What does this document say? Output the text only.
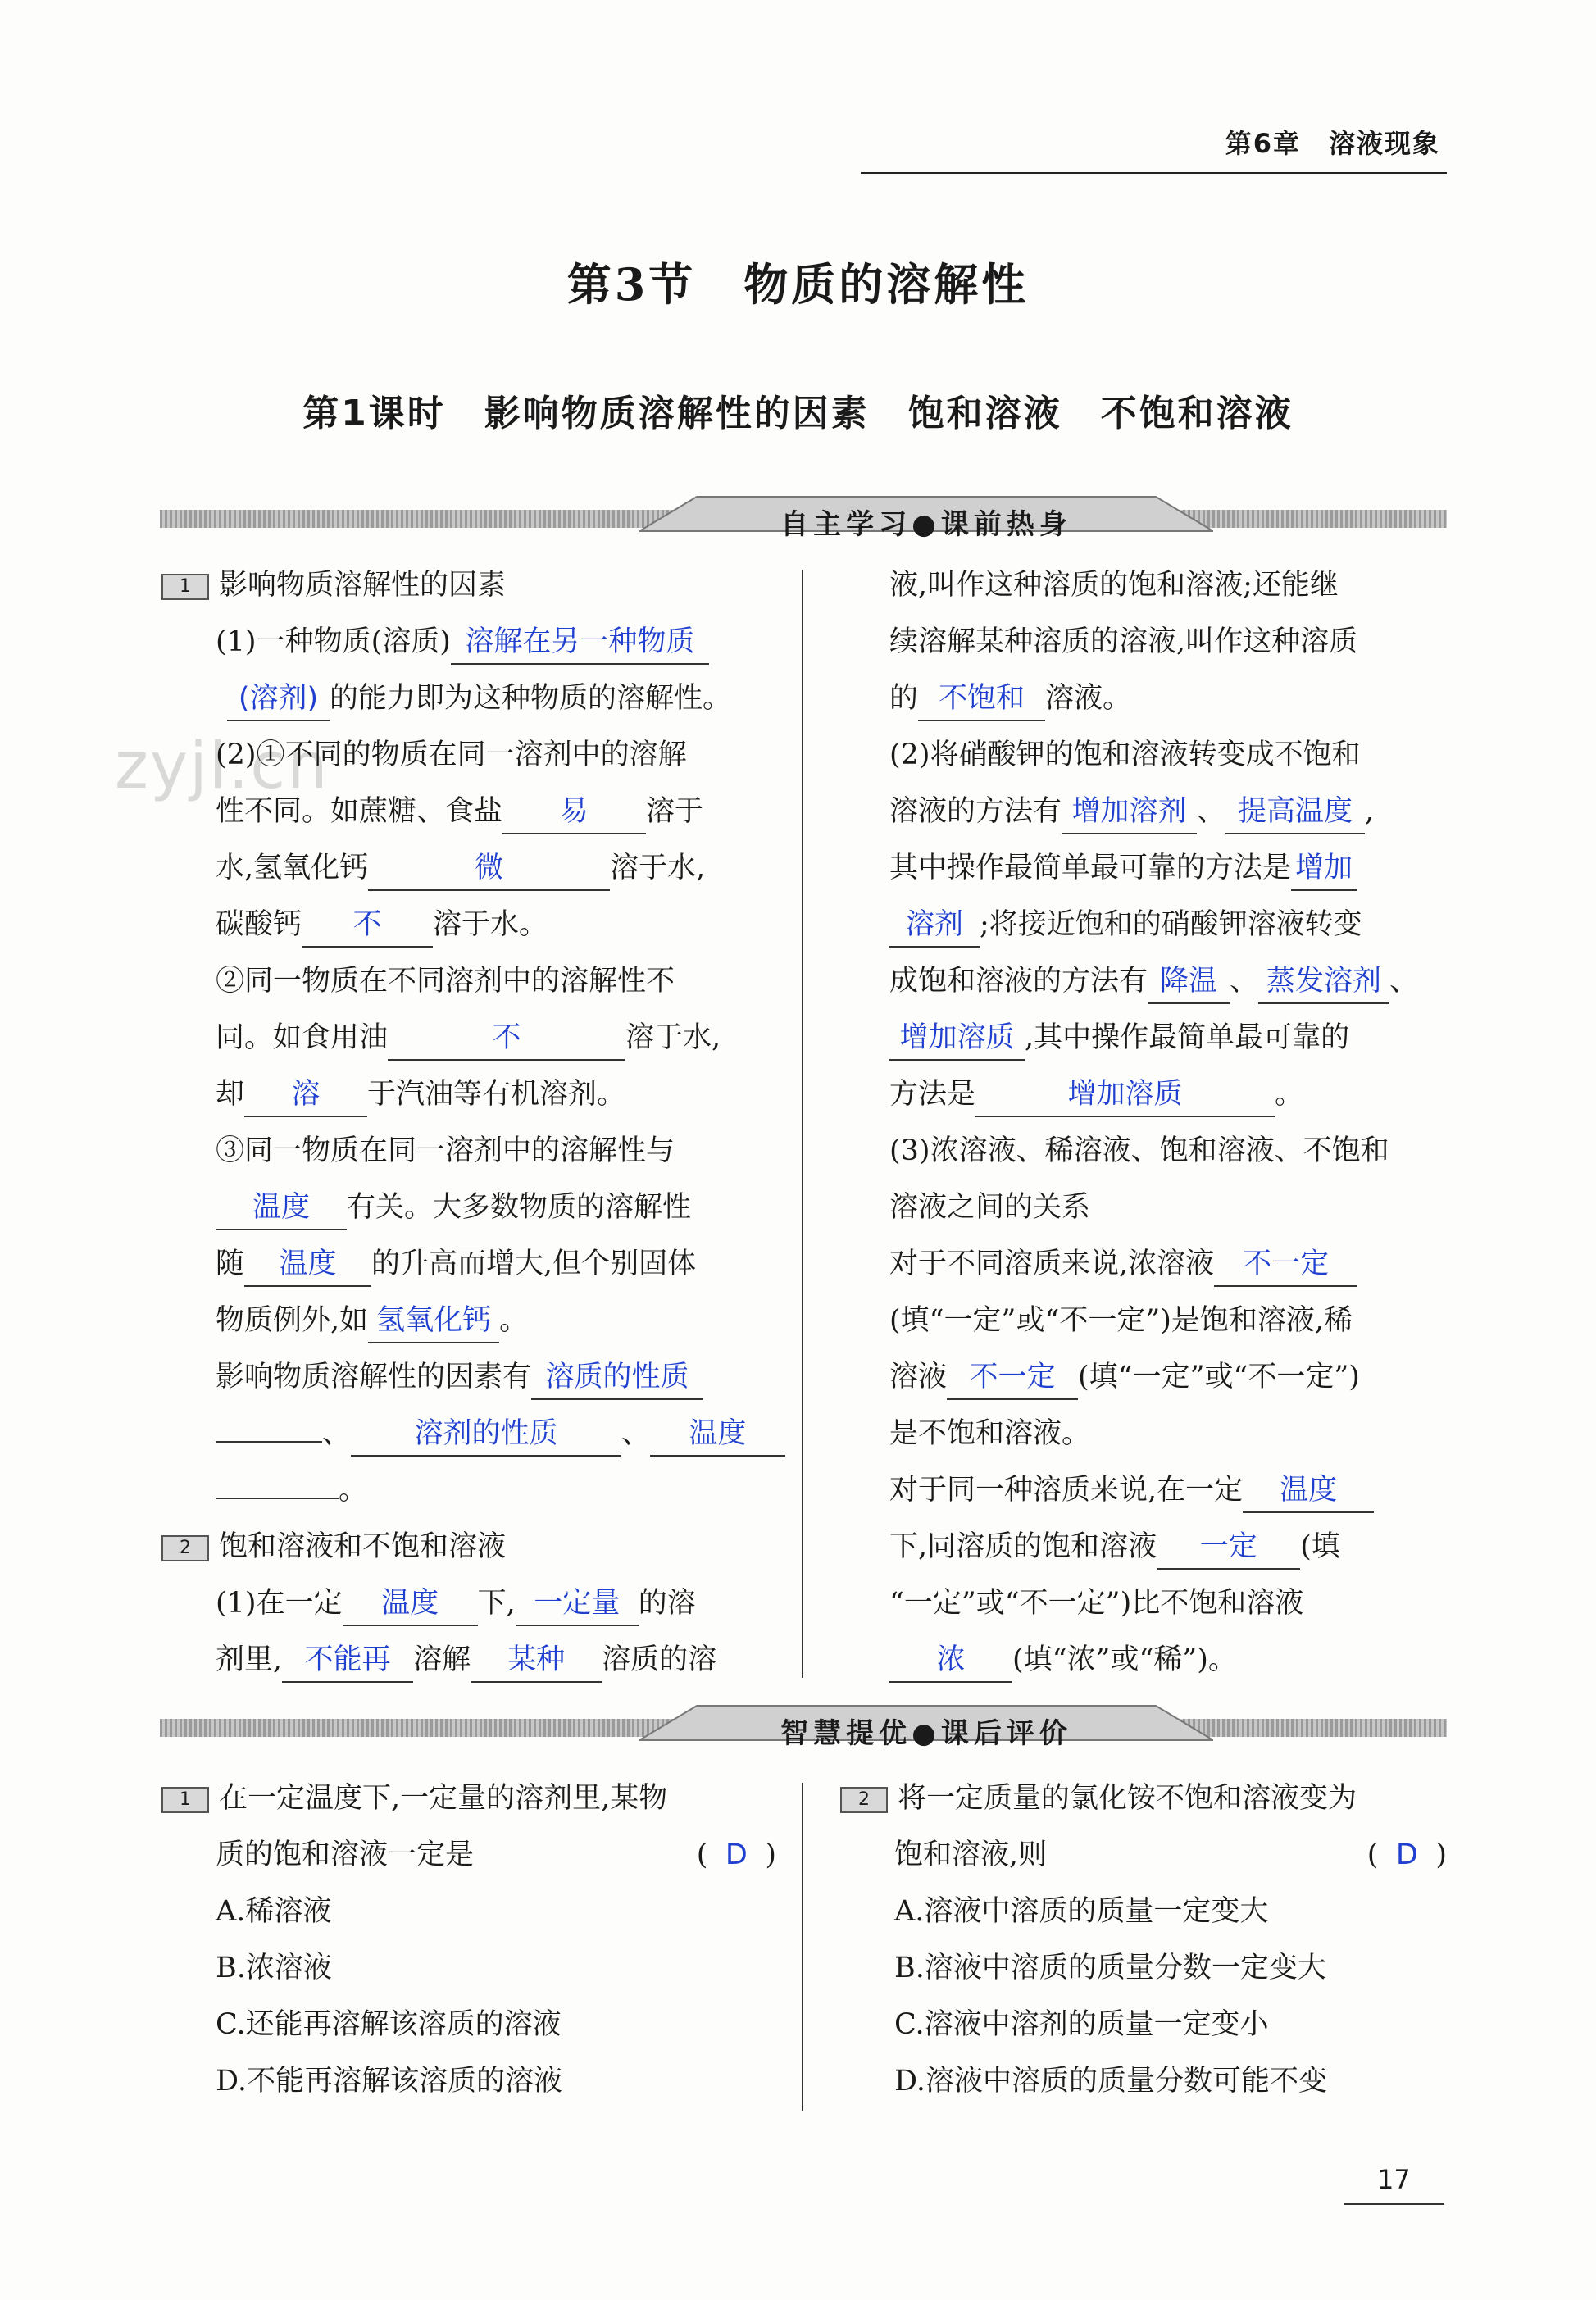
第6章　溶液现象
第3节　物质的溶解性
第1课时　影响物质溶解性的因素　饱和溶液　不饱和溶液
zyjl.cn
自主学习●课前热身

1 影响物质溶解性的因素

(1)一种物质(溶质) 溶解在另一种物质

(溶剂) 的能力即为这种物质的溶解性。

(2)①不同的物质在同一溶剂中的溶解

性不同。如蔗糖、食盐 易 溶于

水,氢氧化钙	微	溶于水,

碳酸钙 不 溶于水。

②同一物质在不同溶剂中的溶解性不

同。如食用油	不	溶于水,

却 溶 于汽油等有机溶剂。

③同一物质在同一溶剂中的溶解性与

温度 有关。大多数物质的溶解性

随 温度 的升高而增大,但个别固体

物质例外,如 氢氧化钙 。

影响物质溶解性的因素有 溶质的性质

、 溶剂的性质 、 温度

。

2 饱和溶液和不饱和溶液

(1)在一定 温度 下, 一定量 的溶

剂里, 不能再 溶解 某种 溶质的溶

液,叫作这种溶质的饱和溶液;还能继

续溶解某种溶质的溶液,叫作这种溶质

的 不饱和 溶液。

(2)将硝酸钾的饱和溶液转变成不饱和

溶液的方法有 增加溶剂 、 提高温度 ,

其中操作最简单最可靠的方法是 增加

溶剂 ;将接近饱和的硝酸钾溶液转变

成饱和溶液的方法有 降温 、 蒸发溶剂 、

增加溶质 ,其中操作最简单最可靠的

方法是	增加溶质	。

(3)浓溶液、稀溶液、饱和溶液、不饱和

溶液之间的关系

对于不同溶质来说,浓溶液 不一定

(填“一定”或“不一定”)是饱和溶液,稀

溶液 不一定 (填“一定”或“不一定”)

是不饱和溶液。

对于同一种溶质来说,在一定 温度

下,同溶质的饱和溶液 一定 (填

“一定”或“不一定”)比不饱和溶液

浓 (填“浓”或“稀”)。

智慧提优●课后评价

1 在一定温度下,一定量的溶剂里,某物

质的饱和溶液一定是	( D )

A.稀溶液

B.浓溶液

C.还能再溶解该溶质的溶液

D.不能再溶解该溶质的溶液

2 将一定质量的氯化铵不饱和溶液变为

饱和溶液,则	( D )

A.溶液中溶质的质量一定变大

B.溶液中溶质的质量分数一定变大

C.溶液中溶剂的质量一定变小

D.溶液中溶质的质量分数可能不变

17
